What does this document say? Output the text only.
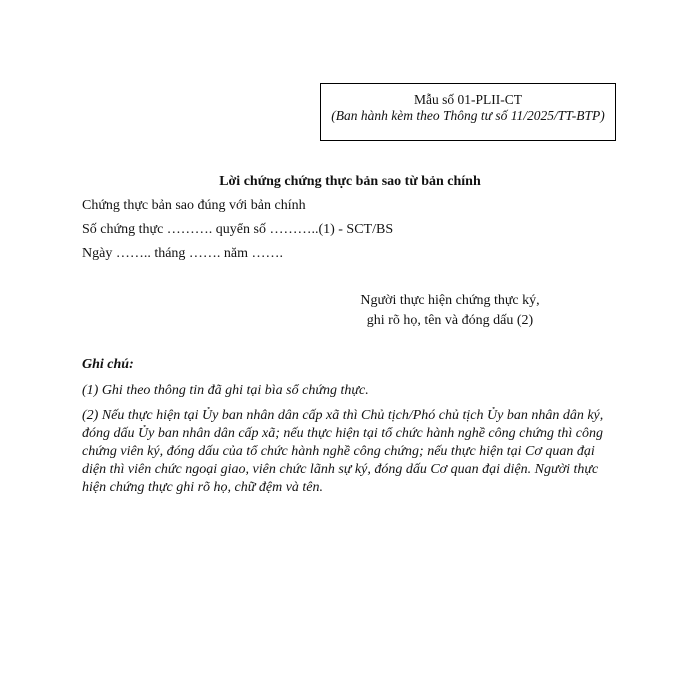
Mẫu số 01-PLII-CT
(Ban hành kèm theo Thông tư số 11/2025/TT-BTP)
Lời chứng chứng thực bản sao từ bản chính
Chứng thực bản sao đúng với bản chính
Số chứng thực ………. quyển số ………..(1) - SCT/BS
Ngày …….. tháng ……. năm …….
Người thực hiện chứng thực ký,
ghi rõ họ, tên và đóng dấu (2)
Ghi chú:
(1) Ghi theo thông tin đã ghi tại bìa sổ chứng thực.
(2) Nếu thực hiện tại Ủy ban nhân dân cấp xã thì Chủ tịch/Phó chủ tịch Ủy ban nhân dân ký, đóng dấu Ủy ban nhân dân cấp xã; nếu thực hiện tại tổ chức hành nghề công chứng thì công chứng viên ký, đóng dấu của tổ chức hành nghề công chứng; nếu thực hiện tại Cơ quan đại diện thì viên chức ngoại giao, viên chức lãnh sự ký, đóng dấu Cơ quan đại diện. Người thực hiện chứng thực ghi rõ họ, chữ đệm và tên.
